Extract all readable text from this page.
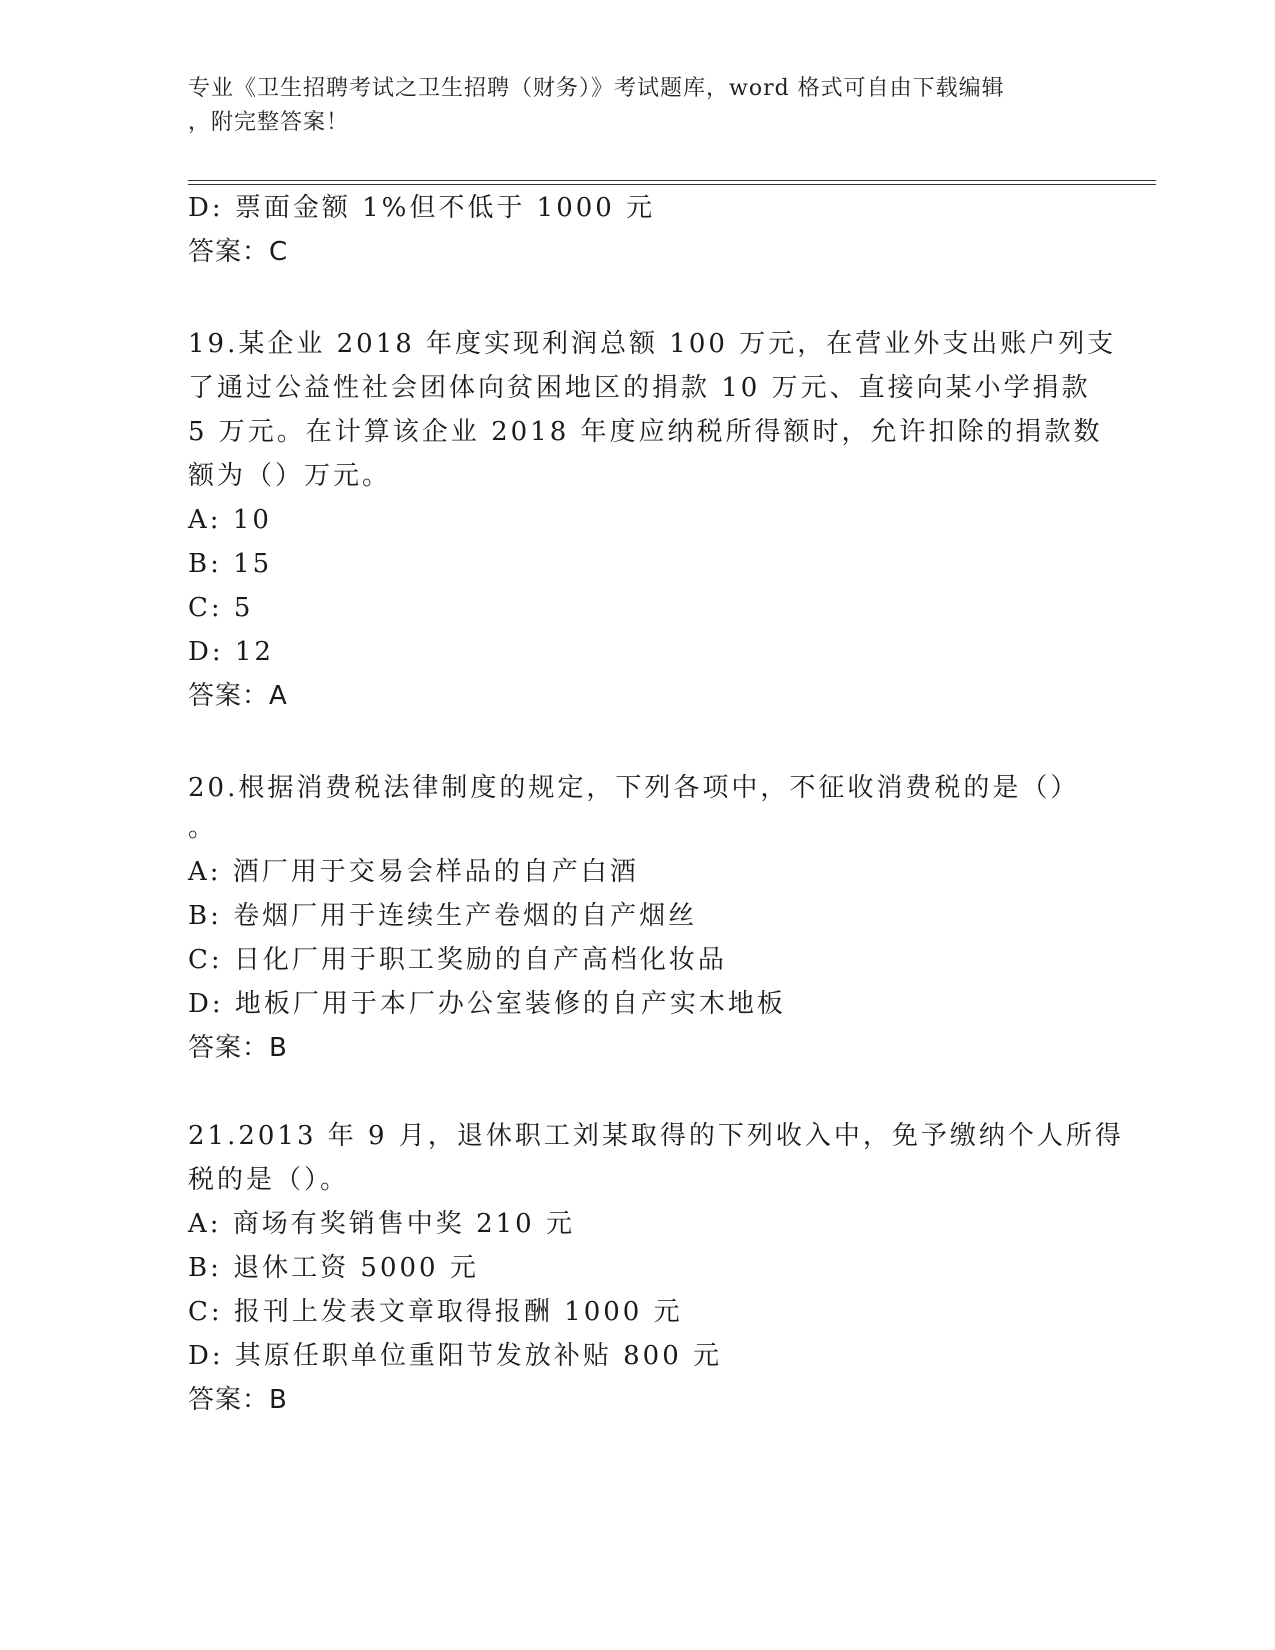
专业《卫生招聘考试之卫生招聘（财务）》考试题库，word 格式可自由下载编辑
，附完整答案！
D: 票面金额 1%但不低于 1000 元
答案：C
19.某企业 2018 年度实现利润总额 100 万元，在营业外支出账户列支
了通过公益性社会团体向贫困地区的捐款 10 万元、直接向某小学捐款
5 万元。在计算该企业 2018 年度应纳税所得额时，允许扣除的捐款数
额为（）万元。
A: 10
B: 15
C: 5
D: 12
答案：A
20.根据消费税法律制度的规定，下列各项中，不征收消费税的是（）
。
A: 酒厂用于交易会样品的自产白酒
B: 卷烟厂用于连续生产卷烟的自产烟丝
C: 日化厂用于职工奖励的自产高档化妆品
D: 地板厂用于本厂办公室装修的自产实木地板
答案：B
21.2013 年 9 月，退休职工刘某取得的下列收入中，免予缴纳个人所得
税的是（）。
A: 商场有奖销售中奖 210 元
B: 退休工资 5000 元
C: 报刊上发表文章取得报酬 1000 元
D: 其原任职单位重阳节发放补贴 800 元
答案：B
